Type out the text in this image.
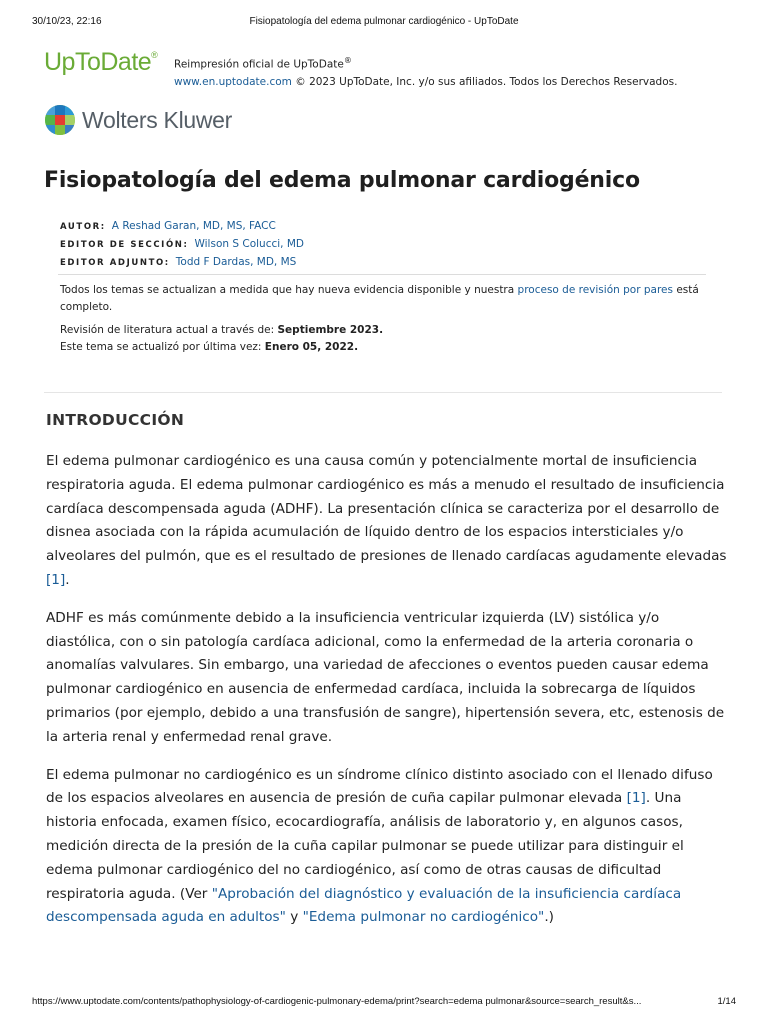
30/10/23, 22:16	Fisiopatología del edema pulmonar cardiogénico - UpToDate
UpToDate®
Reimpresión oficial de UpToDate®
www.en.uptodate.com © 2023 UpToDate, Inc. y/o sus afiliados. Todos los Derechos Reservados.
Wolters Kluwer
Fisiopatología del edema pulmonar cardiogénico
AUTOR: A Reshad Garan, MD, MS, FACC
EDITOR DE SECCIÓN: Wilson S Colucci, MD
EDITOR ADJUNTO: Todd F Dardas, MD, MS

Todos los temas se actualizan a medida que hay nueva evidencia disponible y nuestra proceso de revisión por pares está completo.

Revisión de literatura actual a través de: Septiembre 2023.
Este tema se actualizó por última vez: Enero 05, 2022.
INTRODUCCIÓN

El edema pulmonar cardiogénico es una causa común y potencialmente mortal de insuficiencia respiratoria aguda. El edema pulmonar cardiogénico es más a menudo el resultado de insuficiencia cardíaca descompensada aguda (ADHF). La presentación clínica se caracteriza por el desarrollo de disnea asociada con la rápida acumulación de líquido dentro de los espacios intersticiales y/o alveolares del pulmón, que es el resultado de presiones de llenado cardíacas agudamente elevadas [1].

ADHF es más comúnmente debido a la insuficiencia ventricular izquierda (LV) sistólica y/o diastólica, con o sin patología cardíaca adicional, como la enfermedad de la arteria coronaria o anomalías valvulares. Sin embargo, una variedad de afecciones o eventos pueden causar edema pulmonar cardiogénico en ausencia de enfermedad cardíaca, incluida la sobrecarga de líquidos primarios (por ejemplo, debido a una transfusión de sangre), hipertensión severa, etc, estenosis de la arteria renal y enfermedad renal grave.

El edema pulmonar no cardiogénico es un síndrome clínico distinto asociado con el llenado difuso de los espacios alveolares en ausencia de presión de cuña capilar pulmonar elevada [1]. Una historia enfocada, examen físico, ecocardiografía, análisis de laboratorio y, en algunos casos, medición directa de la presión de la cuña capilar pulmonar se puede utilizar para distinguir el edema pulmonar cardiogénico del no cardiogénico, así como de otras causas de dificultad respiratoria aguda. (Ver "Aprobación del diagnóstico y evaluación de la insuficiencia cardíaca descompensada aguda en adultos" y "Edema pulmonar no cardiogénico".)

https://www.uptodate.com/contents/pathophysiology-of-cardiogenic-pulmonary-edema/print?search=edema pulmonar&source=search_result&s...	1/14
